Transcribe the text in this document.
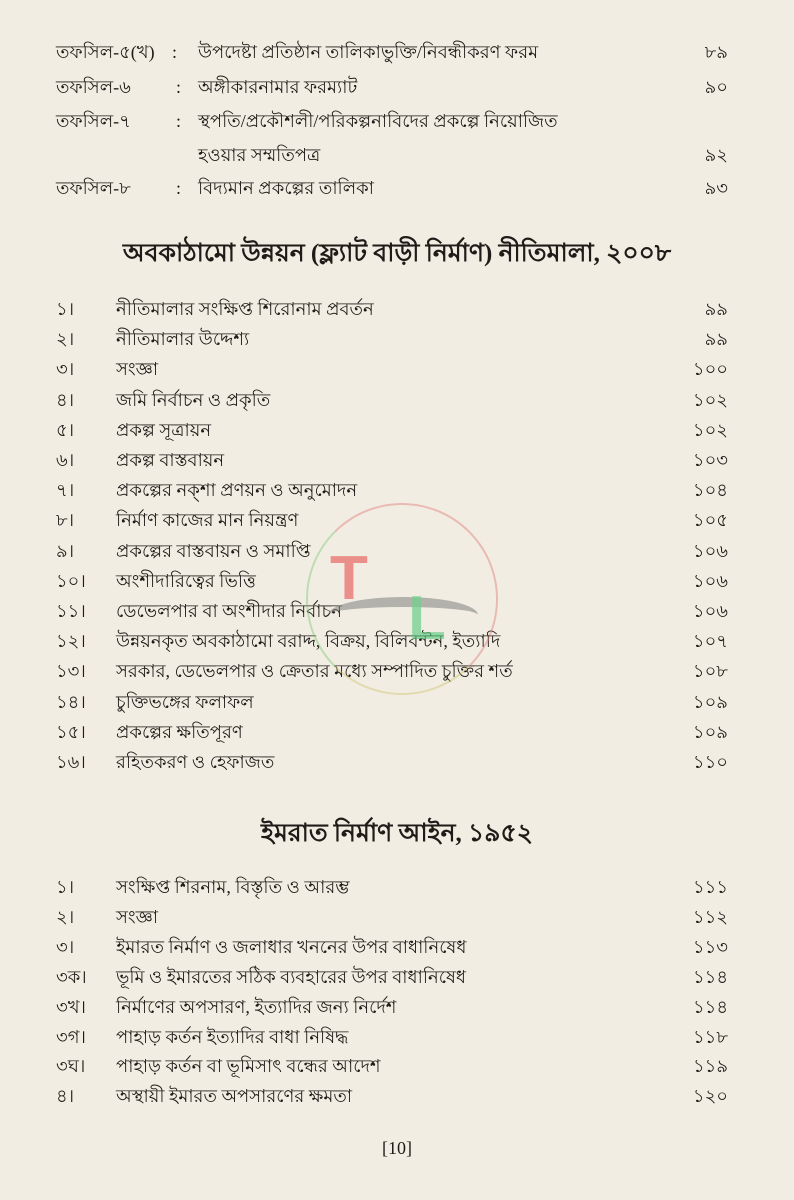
তফসিল-৫(খ) : উপদেষ্টা প্রতিষ্ঠান তালিকাভুক্তি/নিবন্ধীকরণ ফরম	৮৯
তফসিল-৬	: অঙ্গীকারনামার ফরম্যাট	৯০
তফসিল-৭	: স্থপতি/প্রকৌশলী/পরিকল্পনাবিদের প্রকল্পে নিয়োজিত
হওয়ার সম্মতিপত্র	৯২
তফসিল-৮	: বিদ্যমান প্রকল্পের তালিকা	৯৩
অবকাঠামো উন্নয়ন (ফ্ল্যাট বাড়ী নির্মাণ) নীতিমালা, ২০০৮
১। নীতিমালার সংক্ষিপ্ত শিরোনাম প্রবর্তন	৯৯
২। নীতিমালার উদ্দেশ্য	৯৯
৩। সংজ্ঞা	১০০
৪। জমি নির্বাচন ও প্রকৃতি	১০২
৫। প্রকল্প সূত্রায়ন	১০২
৬। প্রকল্প বাস্তবায়ন	১০৩
৭। প্রকল্পের নক্শা প্রণয়ন ও অনুমোদন	১০৪
৮। নির্মাণ কাজের মান নিয়ন্ত্রণ	১০৫
৯। প্রকল্পের বাস্তবায়ন ও সমাপ্তি	১০৬
১০। অংশীদারিত্বের ভিত্তি	১০৬
১১। ডেভেলপার বা অংশীদার নির্বাচন	১০৬
১২। উন্নয়নকৃত অবকাঠামো বরাদ্দ, বিক্রয়, বিলিবন্টন, ইত্যাদি	১০৭
১৩। সরকার, ডেভেলপার ও ক্রেতার মধ্যে সম্পাদিত চুক্তির শর্ত	১০৮
১৪। চুক্তিভঙ্গের ফলাফল	১০৯
১৫। প্রকল্পের ক্ষতিপূরণ	১০৯
১৬। রহিতকরণ ও হেফাজত	১১০
ইমরাত নির্মাণ আইন, ১৯৫২
১। সংক্ষিপ্ত শিরনাম, বিস্তৃতি ও আরম্ভ	১১১
২। সংজ্ঞা	১১২
৩। ইমারত নির্মাণ ও জলাধার খননের উপর বাধানিষেধ	১১৩
৩ক। ভূমি ও ইমারতের সঠিক ব্যবহারের উপর বাধানিষেধ	১১৪
৩খ। নির্মাণের অপসারণ, ইত্যাদির জন্য নির্দেশ	১১৪
৩গ। পাহাড় কর্তন ইত্যাদির বাধা নিষিদ্ধ	১১৮
৩ঘ। পাহাড় কর্তন বা ভূমিসাৎ বন্ধের আদেশ	১১৯
৪। অস্থায়ী ইমারত অপসারণের ক্ষমতা	১২০
T
L
[10]
